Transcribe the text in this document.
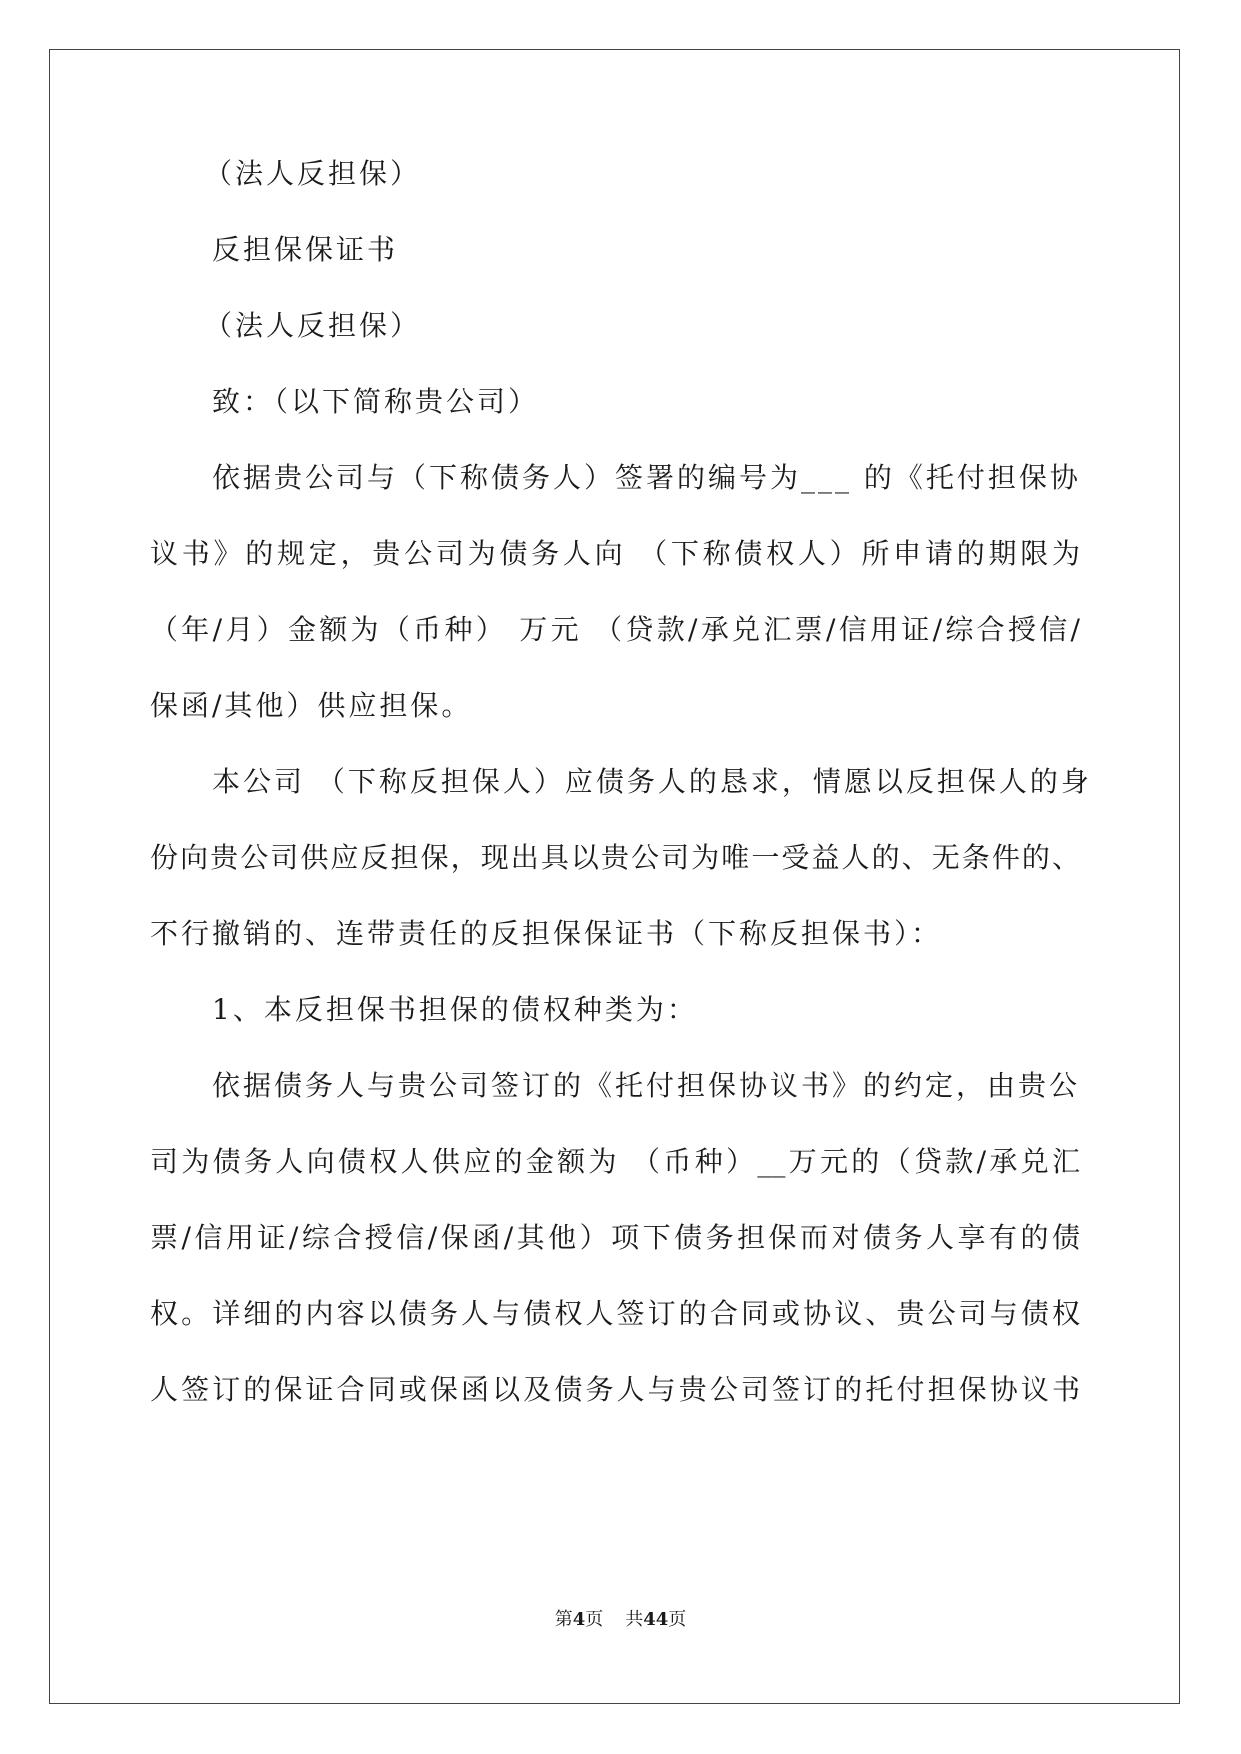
（法人反担保）
反担保保证书
（法人反担保）
致：（以下简称贵公司）
依据贵公司与（下称债务人）签署的编号为___ 的《托付担保协
议书》的规定，贵公司为债务人向 （下称债权人）所申请的期限为
（年/月）金额为（币种） 万元 （贷款/承兑汇票/信用证/综合授信/
保函/其他）供应担保。
本公司 （下称反担保人）应债务人的恳求，情愿以反担保人的身
份向贵公司供应反担保，现出具以贵公司为唯一受益人的、无条件的、
不行撤销的、连带责任的反担保保证书（下称反担保书）：
1、本反担保书担保的债权种类为：
依据债务人与贵公司签订的《托付担保协议书》的约定，由贵公
司为债务人向债权人供应的金额为 （币种）__万元的（贷款/承兑汇
票/信用证/综合授信/保函/其他）项下债务担保而对债务人享有的债
权。详细的内容以债务人与债权人签订的合同或协议、贵公司与债权
人签订的保证合同或保函以及债务人与贵公司签订的托付担保协议书
第4页 共44页
